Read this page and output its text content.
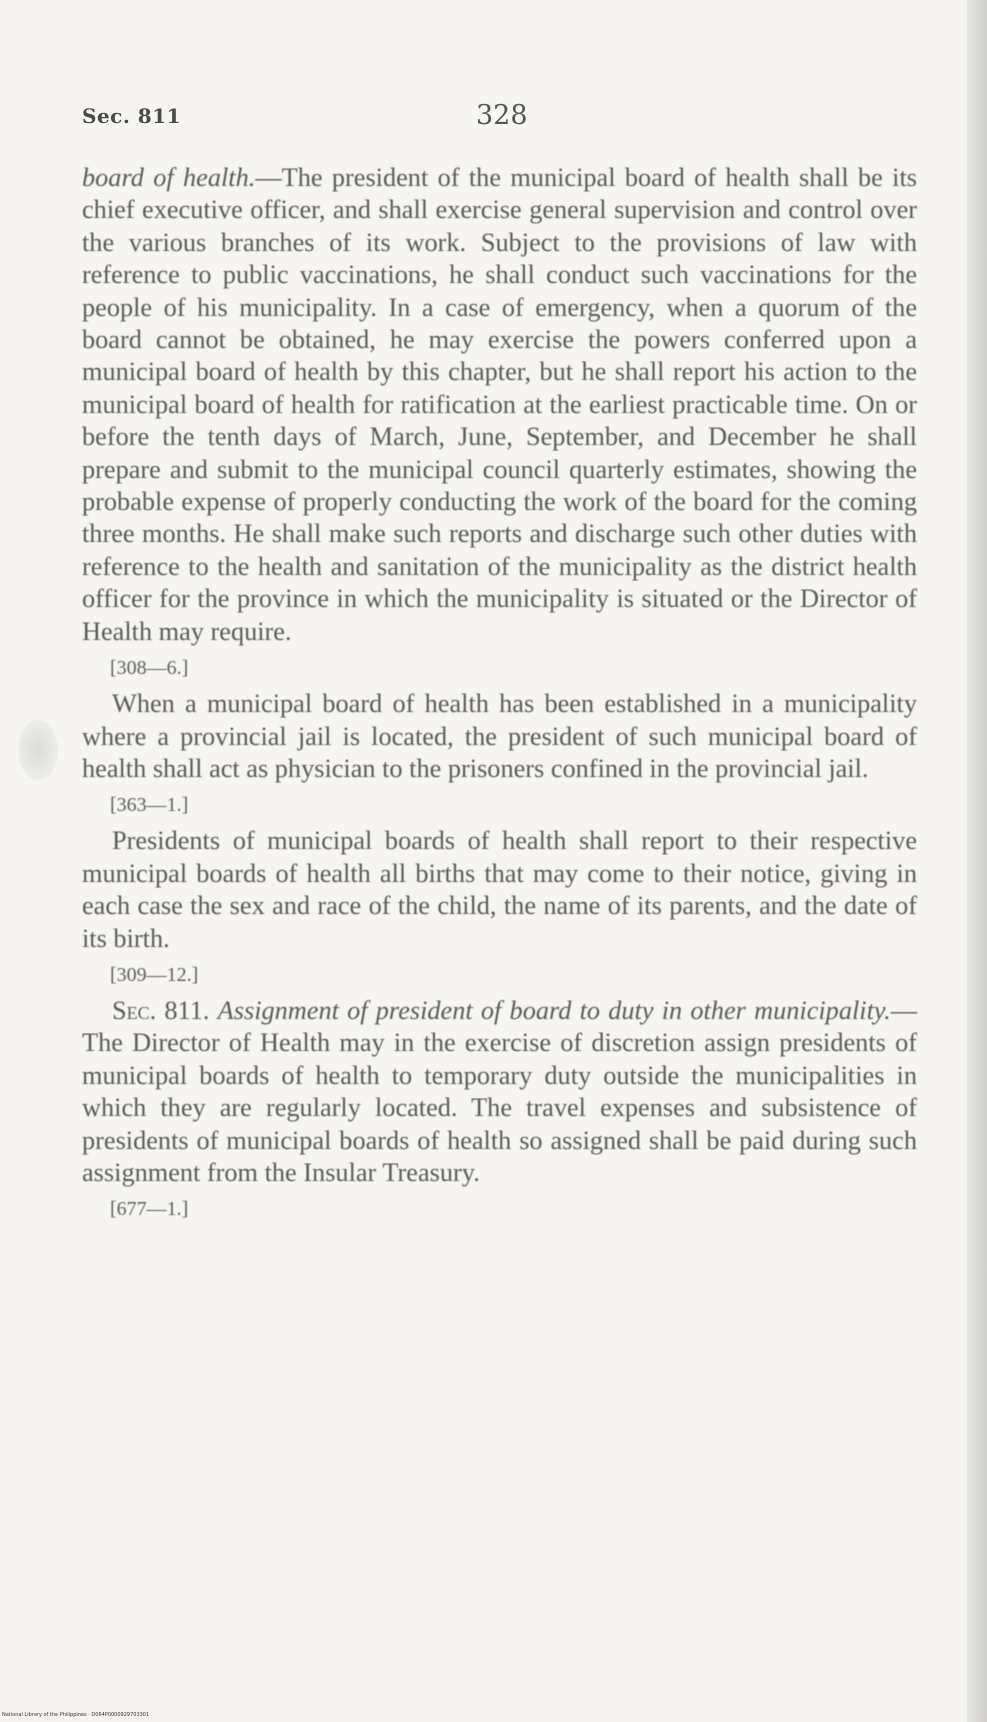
Sec. 811	328

board of health.—The president of the municipal board of health shall be its chief executive officer, and shall exercise general supervision and control over the various branches of its work. Subject to the provisions of law with reference to public vaccinations, he shall conduct such vaccinations for the people of his municipality. In a case of emergency, when a quorum of the board cannot be obtained, he may exercise the powers conferred upon a municipal board of health by this chapter, but he shall report his action to the municipal board of health for ratification at the earliest practicable time. On or before the tenth days of March, June, September, and December he shall prepare and submit to the municipal council quarterly estimates, showing the probable expense of properly conducting the work of the board for the coming three months. He shall make such reports and discharge such other duties with reference to the health and sanitation of the municipality as the district health officer for the province in which the municipality is situated or the Director of Health may require.

[308—6.]

When a municipal board of health has been established in a municipality where a provincial jail is located, the president of such municipal board of health shall act as physician to the prisoners confined in the provincial jail.

[363—1.]

Presidents of municipal boards of health shall report to their respective municipal boards of health all births that may come to their notice, giving in each case the sex and race of the child, the name of its parents, and the date of its birth.

[309—12.]

Sec. 811. Assignment of president of board to duty in other municipality.—The Director of Health may in the exercise of discretion assign presidents of municipal boards of health to temporary duty outside the municipalities in which they are regularly located. The travel expenses and subsistence of presidents of municipal boards of health so assigned shall be paid during such assignment from the Insular Treasury.

[677—1.]

National Library of the Philippines · D064P0000929703301
